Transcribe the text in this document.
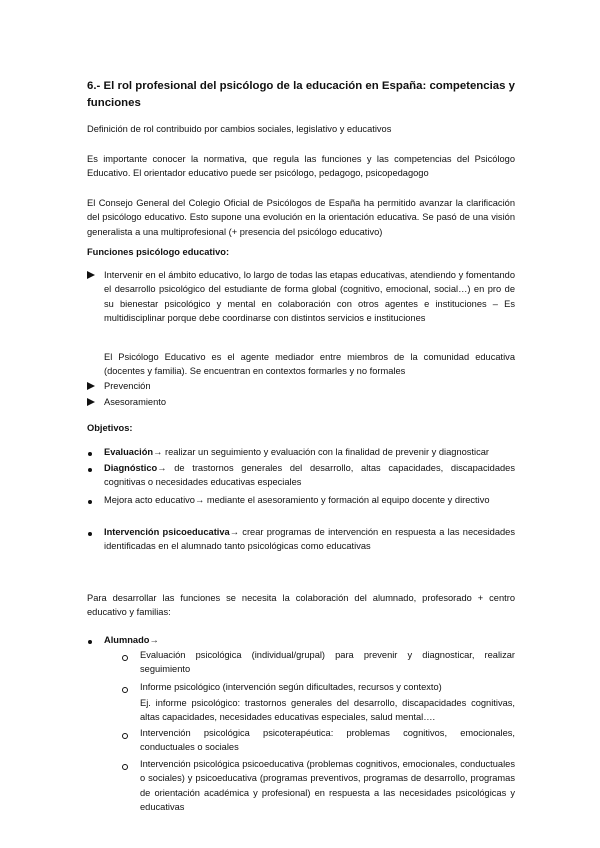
6.- El rol profesional del psicólogo de la educación en España: competencias y funciones
Definición de rol contribuido por cambios sociales, legislativo y educativos
Es importante conocer la normativa, que regula las funciones y las competencias del Psicólogo Educativo. El orientador educativo puede ser psicólogo, pedagogo, psicopedagogo
El Consejo General del Colegio Oficial de Psicólogos de España ha permitido avanzar la clarificación del psicólogo educativo. Esto supone una evolución en la orientación educativa. Se pasó de una visión generalista a una multiprofesional (+ presencia del psicólogo educativo)
Funciones psicólogo educativo:
Intervenir en el ámbito educativo, lo largo de todas las etapas educativas, atendiendo y fomentando el desarrollo psicológico del estudiante de forma global (cognitivo, emocional, social…) en pro de su bienestar psicológico y mental en colaboración con otros agentes e instituciones – Es multidisciplinar porque debe coordinarse con distintos servicios e instituciones
El Psicólogo Educativo es el agente mediador entre miembros de la comunidad educativa (docentes y familia). Se encuentran en contextos formarles y no formales
Prevención
Asesoramiento
Objetivos:
Evaluación→ realizar un seguimiento y evaluación con la finalidad de prevenir y diagnosticar
Diagnóstico→ de trastornos generales del desarrollo, altas capacidades, discapacidades cognitivas o necesidades educativas especiales
Mejora acto educativo→ mediante el asesoramiento y formación al equipo docente y directivo
Intervención psicoeducativa→ crear programas de intervención en respuesta a las necesidades identificadas en el alumnado tanto psicológicas como educativas
Para desarrollar las funciones se necesita la colaboración del alumnado, profesorado + centro educativo y familias:
Alumnado→
Evaluación psicológica (individual/grupal) para prevenir y diagnosticar, realizar seguimiento
Informe psicológico (intervención según dificultades, recursos y contexto)
Ej. informe psicológico: trastornos generales del desarrollo, discapacidades cognitivas, altas capacidades, necesidades educativas especiales, salud mental….
Intervención psicológica psicoterapéutica: problemas cognitivos, emocionales, conductuales o sociales
Intervención psicológica psicoeducativa (problemas cognitivos, emocionales, conductuales o sociales) y psicoeducativa (programas preventivos, programas de desarrollo, programas de orientación académica y profesional) en respuesta a las necesidades psicológicas y educativas
